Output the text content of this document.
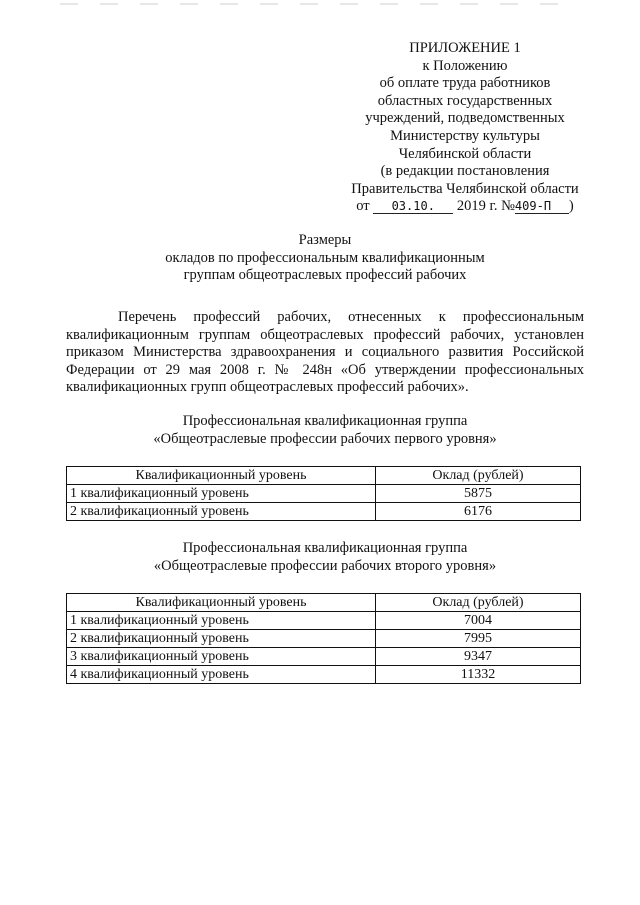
ПРИЛОЖЕНИЕ 1
к Положению
об оплате труда работников
областных государственных
учреждений, подведомственных
Министерству культуры
Челябинской области
(в редакции постановления
Правительства Челябинской области
от 03.10. 2019 г. №409-П )
Размеры
окладов по профессиональным квалификационным
группам общеотраслевых профессий рабочих
Перечень профессий рабочих, отнесенных к профессиональным квалификационным группам общеотраслевых профессий рабочих, установлен приказом Министерства здравоохранения и социального развития Российской Федерации от 29 мая 2008 г. № 248н «Об утверждении профессиональных квалификационных групп общеотраслевых профессий рабочих».
Профессиональная квалификационная группа
«Общеотраслевые профессии рабочих первого уровня»
Квалификационный уровень	Оклад (рублей)
1 квалификационный уровень	5875
2 квалификационный уровень	6176
Профессиональная квалификационная группа
«Общеотраслевые профессии рабочих второго уровня»
Квалификационный уровень	Оклад (рублей)
1 квалификационный уровень	7004
2 квалификационный уровень	7995
3 квалификационный уровень	9347
4 квалификационный уровень	11332
